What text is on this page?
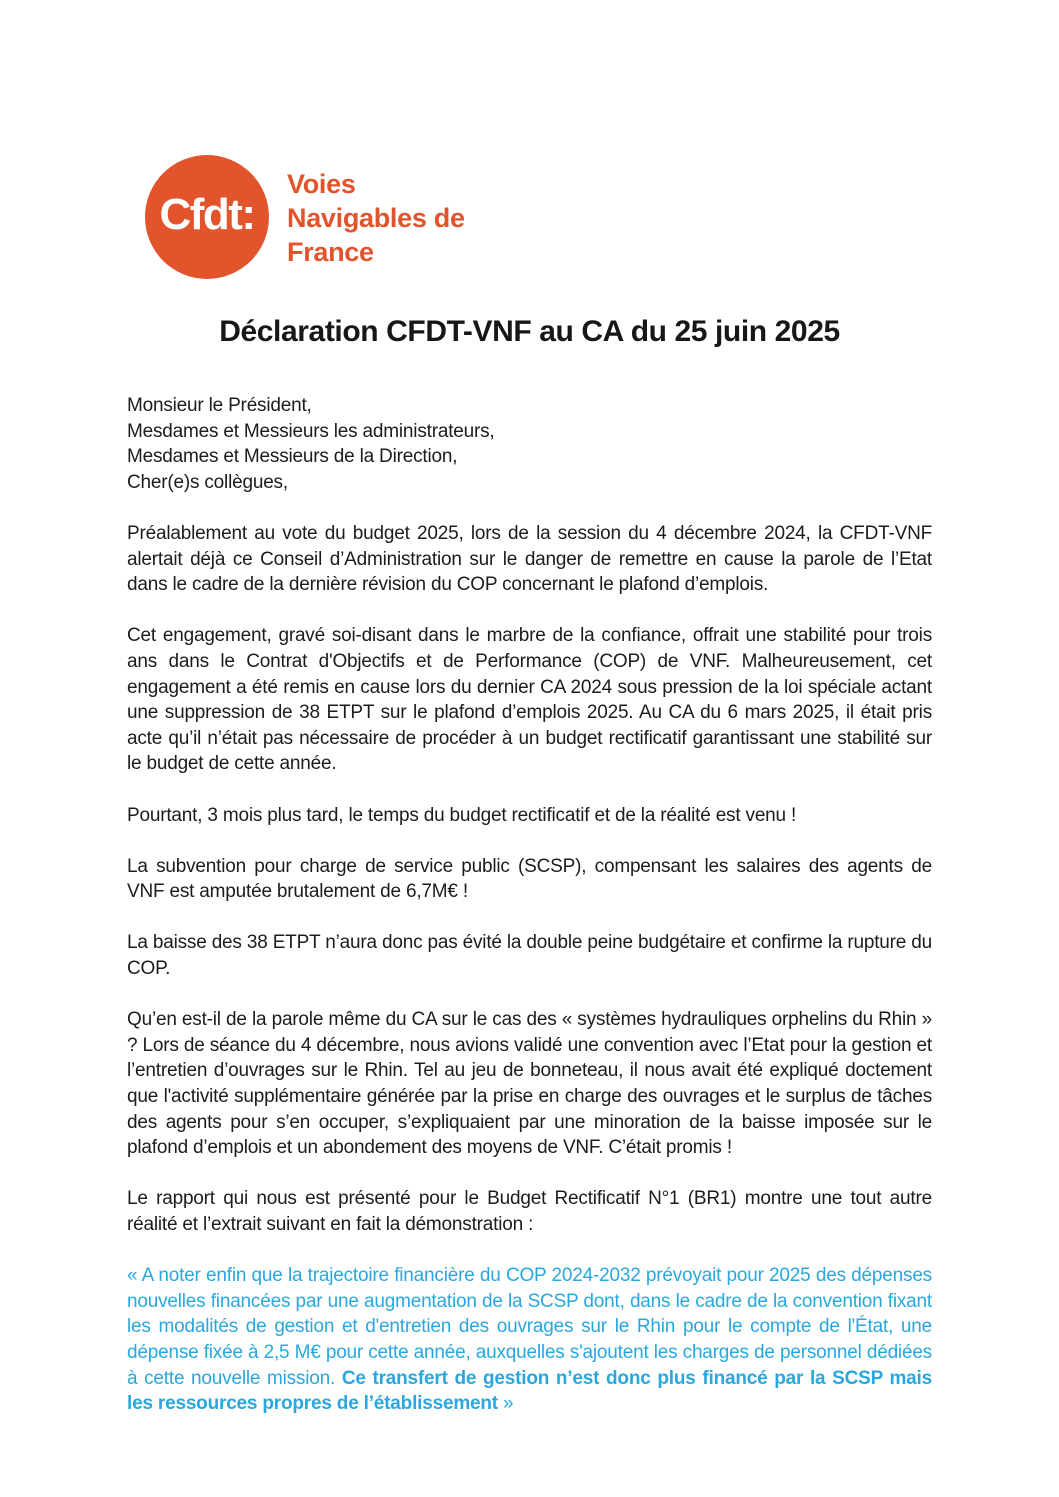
Cfdt:
Voies
Navigables de
France
Déclaration CFDT-VNF au CA du 25 juin 2025
Monsieur le Président,
Mesdames et Messieurs les administrateurs,
Mesdames et Messieurs de la Direction,
Cher(e)s collègues,

Préalablement au vote du budget 2025, lors de la session du 4 décembre 2024, la CFDT-VNF alertait déjà ce Conseil d’Administration sur le danger de remettre en cause la parole de l’Etat dans le cadre de la dernière révision du COP concernant le plafond d’emplois.

Cet engagement, gravé soi-disant dans le marbre de la confiance, offrait une stabilité pour trois ans dans le Contrat d'Objectifs et de Performance (COP) de VNF. Malheureusement, cet engagement a été remis en cause lors du dernier CA 2024 sous pression de la loi spéciale actant une suppression de 38 ETPT sur le plafond d’emplois 2025. Au CA du 6 mars 2025, il était pris acte qu’il n’était pas nécessaire de procéder à un budget rectificatif garantissant une stabilité sur le budget de cette année.

Pourtant, 3 mois plus tard, le temps du budget rectificatif et de la réalité est venu !

La subvention pour charge de service public (SCSP), compensant les salaires des agents de VNF est amputée brutalement de 6,7M€ !

La baisse des 38 ETPT n’aura donc pas évité la double peine budgétaire et confirme la rupture du COP.

Qu’en est-il de la parole même du CA sur le cas des « systèmes hydrauliques orphelins du Rhin » ? Lors de séance du 4 décembre, nous avions validé une convention avec l’Etat pour la gestion et l’entretien d’ouvrages sur le Rhin. Tel au jeu de bonneteau, il nous avait été expliqué doctement que l'activité supplémentaire générée par la prise en charge des ouvrages et le surplus de tâches des agents pour s’en occuper, s’expliquaient par une minoration de la baisse imposée sur le plafond d’emplois et un abondement des moyens de VNF. C’était promis !

Le rapport qui nous est présenté pour le Budget Rectificatif N°1 (BR1) montre une tout autre réalité et l’extrait suivant en fait la démonstration :

« A noter enfin que la trajectoire financière du COP 2024-2032 prévoyait pour 2025 des dépenses nouvelles financées par une augmentation de la SCSP dont, dans le cadre de la convention fixant les modalités de gestion et d'entretien des ouvrages sur le Rhin pour le compte de l'État, une dépense fixée à 2,5 M€ pour cette année, auxquelles s'ajoutent les charges de personnel dédiées à cette nouvelle mission. Ce transfert de gestion n’est donc plus financé par la SCSP mais les ressources propres de l’établissement »
